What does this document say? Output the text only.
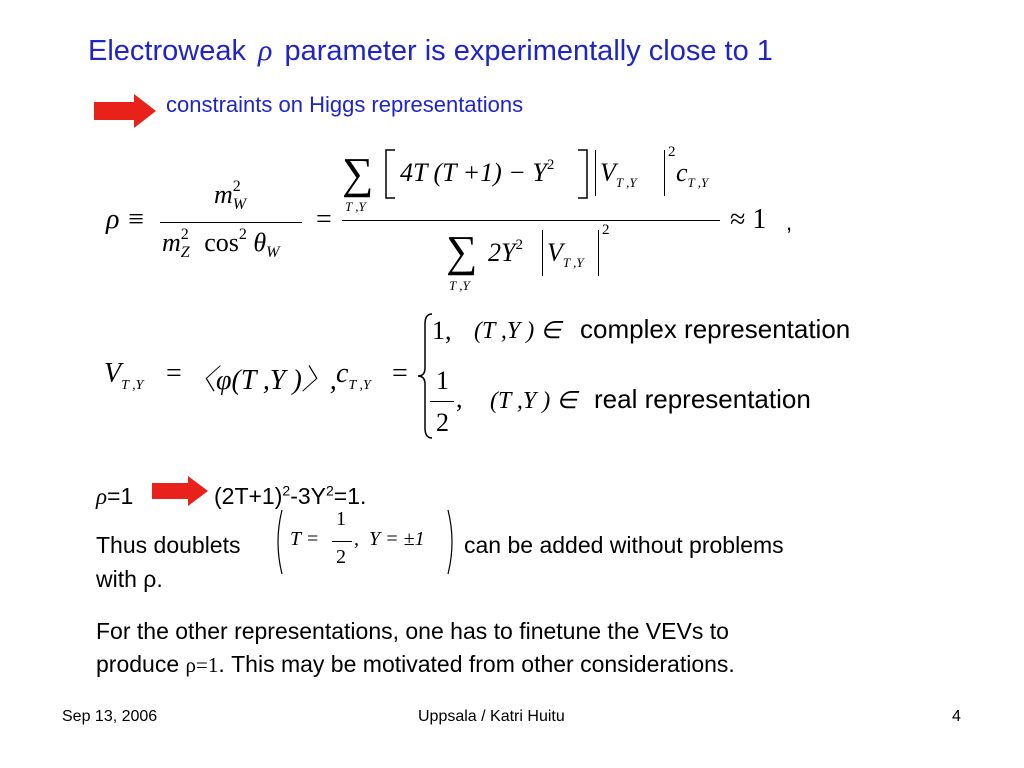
Electroweak ρ parameter is experimentally close to 1
constraints on Higgs representations
ρ ≡
$m^2_W$
$m^2_Z$ $\cos^2 \theta_W$
=
∑
T ,Y
4T $(T +1) - Y^2$ $V_{T ,Y}$
2
$c_{T ,Y}$
∑
T ,Y
$2Y^2$ $V_{T ,Y}$
2	≈ 1 ,
$V_{T ,Y}$ = 〈φ(T ,Y )〉, $c_{T ,Y}$ =
1, (T ,Y ) ∈ complex representation
1
2
, (T ,Y ) ∈ real representation
ρ=1	$(2T+1)^2-3Y^2=1$.
Thus doublets T =
1
2
,  Y = ±1 can be added without problems
with ρ.
For the other representations, one has to finetune the VEVs to
produce ρ=1. This may be motivated from other considerations.
Sep 13, 2006	Uppsala / Katri Huitu	4
